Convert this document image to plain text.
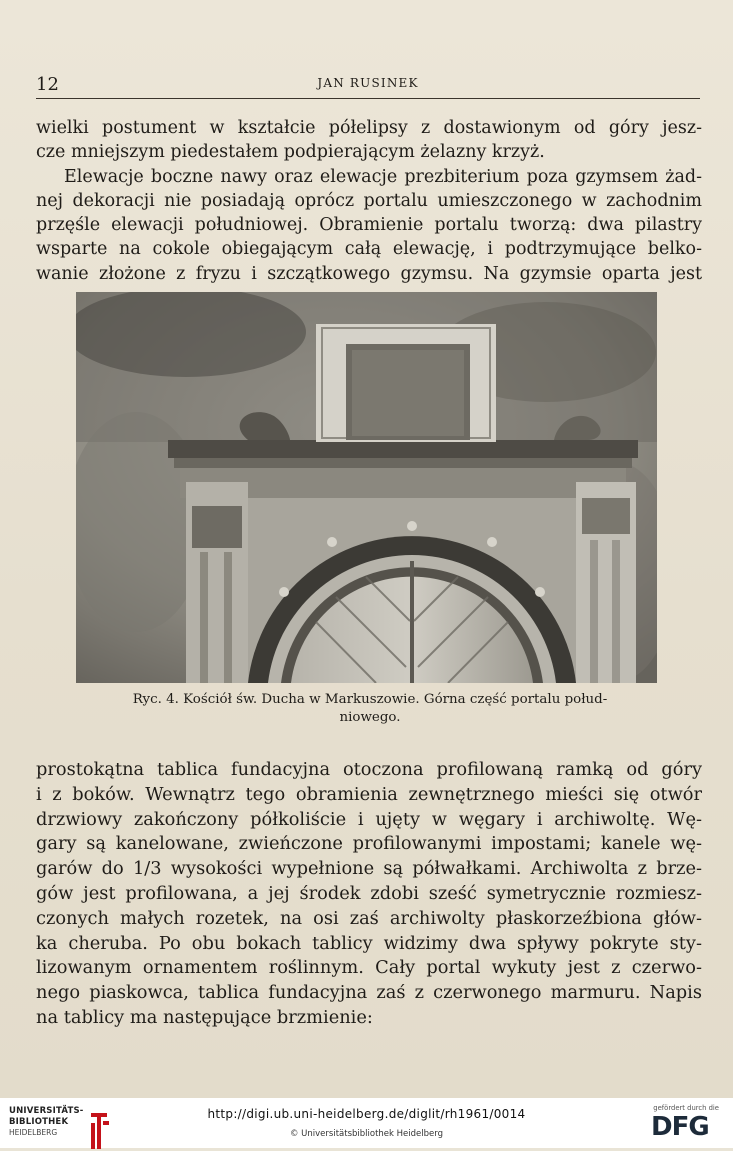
12	JAN RUSINEK

wielki postument w kształcie półelipsy z dostawionym od góry jesz-
cze mniejszym piedestałem podpierającym żelazny krzyż.
Elewacje boczne nawy oraz elewacje prezbiterium poza gzymsem żad-
nej dekoracji nie posiadają oprócz portalu umieszczonego w zachodnim
przęśle elewacji południowej. Obramienie portalu tworzą: dwa pilastry
wsparte na cokole obiegającym całą elewację, i podtrzymujące belko-
wanie złożone z fryzu i szczątkowego gzymsu. Na gzymsie oparta jest

Ryc. 4. Kościół św. Ducha w Markuszowie. Górna część portalu połud-
niowego.

prostokątna tablica fundacyjna otoczona profilowaną ramką od góry
i z boków. Wewnątrz tego obramienia zewnętrznego mieści się otwór
drzwiowy zakończony półkoliście i ujęty w węgary i archiwoltę. Wę-
gary są kanelowane, zwieńczone profilowanymi impostami; kanele wę-
garów do 1/3 wysokości wypełnione są półwałkami. Archiwolta z brze-
gów jest profilowana, a jej środek zdobi sześć symetrycznie rozmiesz-
czonych małych rozetek, na osi zaś archiwolty płaskorzeźbiona głów-
ka cheruba. Po obu bokach tablicy widzimy dwa spływy pokryte sty-
lizowanym ornamentem roślinnym. Cały portal wykuty jest z czerwo-
nego piaskowca, tablica fundacyjna zaś z czerwonego marmuru. Napis
na tablicy ma następujące brzmienie:

UNIVERSITÄTS-
BIBLIOTHEK
HEIDELBERG
http://digi.ub.uni-heidelberg.de/diglit/rh1961/0014
© Universitätsbibliothek Heidelberg
gefördert durch die
DFG
